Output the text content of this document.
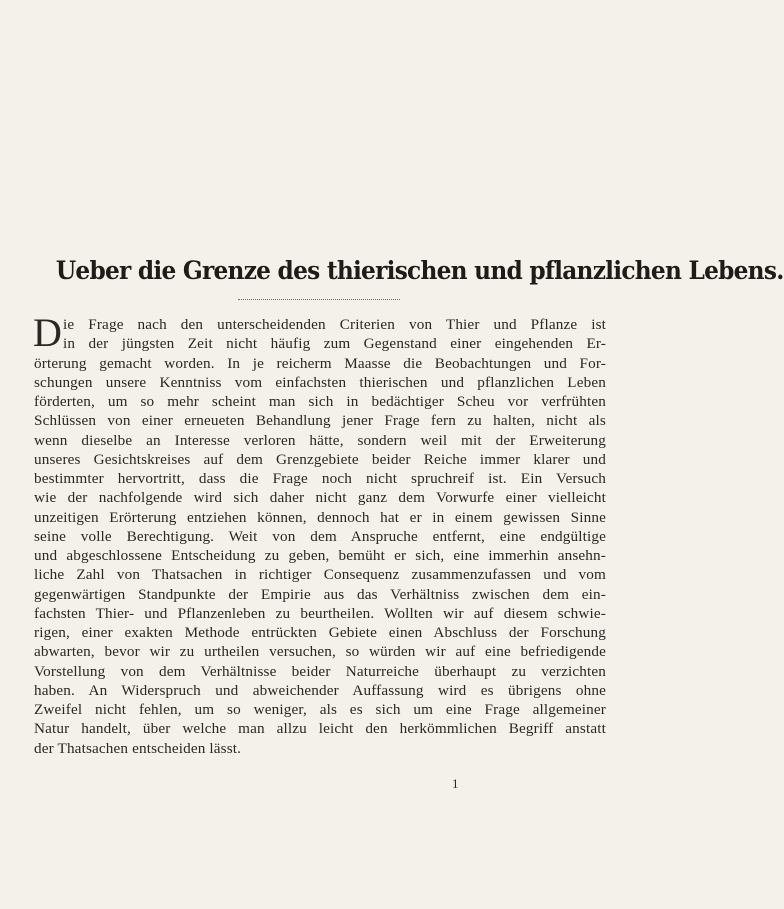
Ueber die Grenze des thierischen und pflanzlichen Lebens.
D ie Frage nach den unterscheidenden Criterien von Thier und Pflanze ist
in der jüngsten Zeit nicht häufig zum Gegenstand einer eingehenden Er-
örterung gemacht worden. In je reicherm Maasse die Beobachtungen und For-
schungen unsere Kenntniss vom einfachsten thierischen und pflanzlichen Leben
förderten, um so mehr scheint man sich in bedächtiger Scheu vor verfrühten
Schlüssen von einer erneueten Behandlung jener Frage fern zu halten, nicht als
wenn dieselbe an Interesse verloren hätte, sondern weil mit der Erweiterung
unseres Gesichtskreises auf dem Grenzgebiete beider Reiche immer klarer und
bestimmter hervortritt, dass die Frage noch nicht spruchreif ist. Ein Versuch
wie der nachfolgende wird sich daher nicht ganz dem Vorwurfe einer vielleicht
unzeitigen Erörterung entziehen können, dennoch hat er in einem gewissen Sinne
seine volle Berechtigung. Weit von dem Anspruche entfernt, eine endgültige
und abgeschlossene Entscheidung zu geben, bemüht er sich, eine immerhin ansehn-
liche Zahl von Thatsachen in richtiger Consequenz zusammenzufassen und vom
gegenwärtigen Standpunkte der Empirie aus das Verhältniss zwischen dem ein-
fachsten Thier- und Pflanzenleben zu beurtheilen. Wollten wir auf diesem schwie-
rigen, einer exakten Methode entrückten Gebiete einen Abschluss der Forschung
abwarten, bevor wir zu urtheilen versuchen, so würden wir auf eine befriedigende
Vorstellung von dem Verhältnisse beider Naturreiche überhaupt zu verzichten
haben. An Widerspruch und abweichender Auffassung wird es übrigens ohne
Zweifel nicht fehlen, um so weniger, als es sich um eine Frage allgemeiner
Natur handelt, über welche man allzu leicht den herkömmlichen Begriff anstatt
der Thatsachen entscheiden lässt.
1
